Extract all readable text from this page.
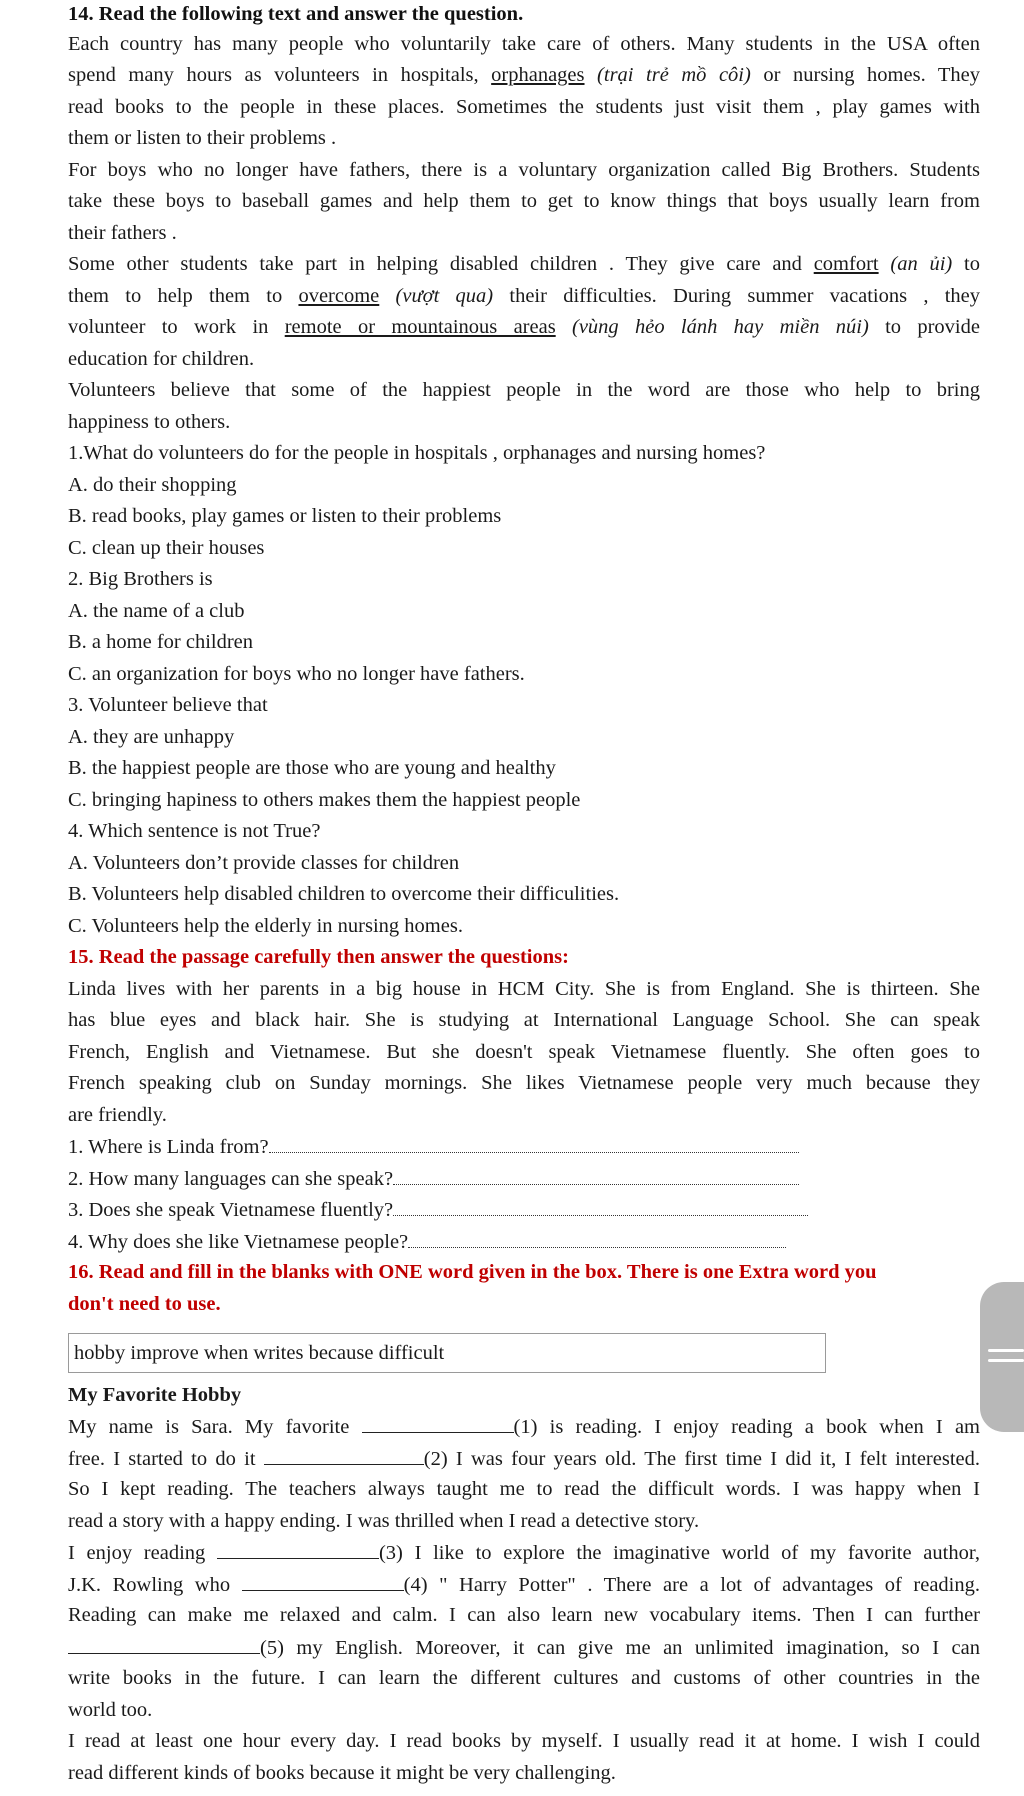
14. Read the following text and answer the question.
Each country has many people who voluntarily take care of others. Many students in the USA often
spend many hours as volunteers in hospitals, orphanages (trại trẻ mồ côi) or nursing homes. They
read books to the people in these places. Sometimes the students just visit them , play games with
them or listen to their problems .
For boys who no longer have fathers, there is a voluntary organization called Big Brothers. Students
take these boys to baseball games and help them to get to know things that boys usually learn from
their fathers .
Some other students take part in helping disabled children . They give care and comfort (an ủi) to
them to help them to overcome (vượt qua) their difficulties. During summer vacations , they
volunteer to work in remote or mountainous areas (vùng hẻo lánh hay miền núi) to provide
education for children.
Volunteers believe that some of the happiest people in the word are those who help to bring
happiness to others.
1.What do volunteers do for the people in hospitals , orphanages and nursing homes?
A. do their shopping
B. read books, play games or listen to their problems
C. clean up their houses
2. Big Brothers is
A. the name of a club
B. a home for children
C. an organization for boys who no longer have fathers.
3. Volunteer believe that
A. they are unhappy
B. the happiest people are those who are young and healthy
C. bringing hapiness to others makes them the happiest people
4. Which sentence is not True?
A. Volunteers don’t provide classes for children
B. Volunteers help disabled children to overcome their difficulities.
C. Volunteers help the elderly in nursing homes.
15. Read the passage carefully then answer the questions:
Linda lives with her parents in a big house in HCM City. She is from England. She is thirteen. She
has blue eyes and black hair. She is studying at International Language School. She can speak
French, English and Vietnamese. But she doesn't speak Vietnamese fluently. She often goes to
French speaking club on Sunday mornings. She likes Vietnamese people very much because they
are friendly.
1. Where is Linda from?
2. How many languages can she speak?
3. Does she speak Vietnamese fluently?
4. Why does she like Vietnamese people?
16. Read and fill in the blanks with ONE word given in the box. There is one Extra word you
don't need to use.
hobby improve when writes because difficult
My Favorite Hobby
My name is Sara. My favorite	(1) is reading. I enjoy reading a book when I am
free. I started to do it	(2) I was four years old. The first time I did it, I felt interested.
So I kept reading. The teachers always taught me to read the difficult words. I was happy when I
read a story with a happy ending. I was thrilled when I read a detective story.
I enjoy reading	(3) I like to explore the imaginative world of my favorite author,
J.K. Rowling who	(4) " Harry Potter" . There are a lot of advantages of reading.
Reading can make me relaxed and calm. I can also learn new vocabulary items. Then I can further
(5) my English. Moreover, it can give me an unlimited imagination, so I can
write books in the future. I can learn the different cultures and customs of other countries in the
world too.
I read at least one hour every day. I read books by myself. I usually read it at home. I wish I could
read different kinds of books because it might be very challenging.
